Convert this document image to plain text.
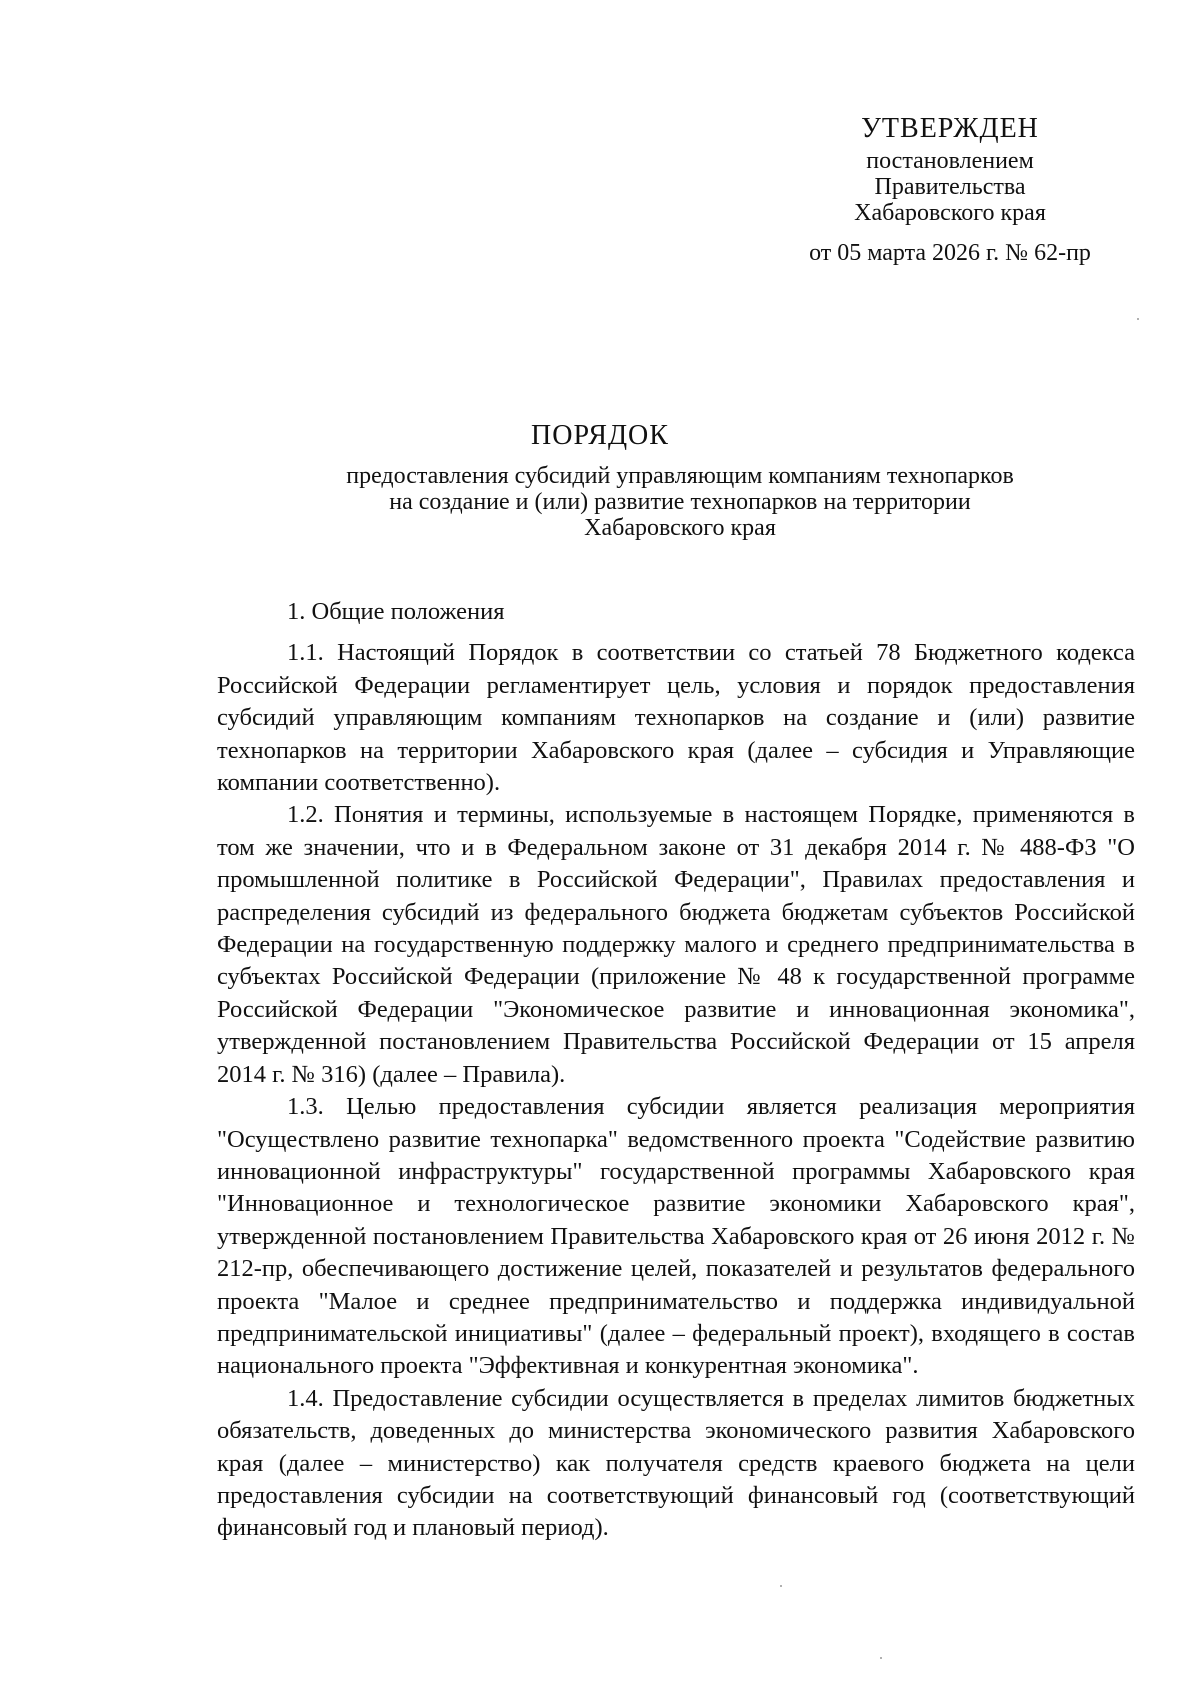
УТВЕРЖДЕН
постановлением
Правительства
Хабаровского края
от 05 марта 2026 г. № 62-пр
ПОРЯДОК
предоставления субсидий управляющим компаниям технопарков
на создание и (или) развитие технопарков на территории
Хабаровского края
1. Общие положения

1.1. Настоящий Порядок в соответствии со статьей 78 Бюджетного кодекса Российской Федерации регламентирует цель, условия и порядок предоставления субсидий управляющим компаниям технопарков на создание и (или) развитие технопарков на территории Хабаровского края (далее – субсидия и Управляющие компании соответственно).

1.2. Понятия и термины, используемые в настоящем Порядке, применяются в том же значении, что и в Федеральном законе от 31 декабря 2014 г. № 488-ФЗ "О промышленной политике в Российской Федерации", Правилах предоставления и распределения субсидий из федерального бюджета бюджетам субъектов Российской Федерации на государственную поддержку малого и среднего предпринимательства в субъектах Российской Федерации (приложение № 48 к государственной программе Российской Федерации "Экономическое развитие и инновационная экономика", утвержденной постановлением Правительства Российской Федерации от 15 апреля 2014 г. № 316) (далее – Правила).

1.3. Целью предоставления субсидии является реализация мероприятия "Осуществлено развитие технопарка" ведомственного проекта "Содействие развитию инновационной инфраструктуры" государственной программы Хабаровского края "Инновационное и технологическое развитие экономики Хабаровского края", утвержденной постановлением Правительства Хабаровского края от 26 июня 2012 г. № 212-пр, обеспечивающего достижение целей, показателей и результатов федерального проекта "Малое и среднее предпринимательство и поддержка индивидуальной предпринимательской инициативы" (далее – федеральный проект), входящего в состав национального проекта "Эффективная и конкурентная экономика".

1.4. Предоставление субсидии осуществляется в пределах лимитов бюджетных обязательств, доведенных до министерства экономического развития Хабаровского края (далее – министерство) как получателя средств краевого бюджета на цели предоставления субсидии на соответствующий финансовый год (соответствующий финансовый год и плановый период).
